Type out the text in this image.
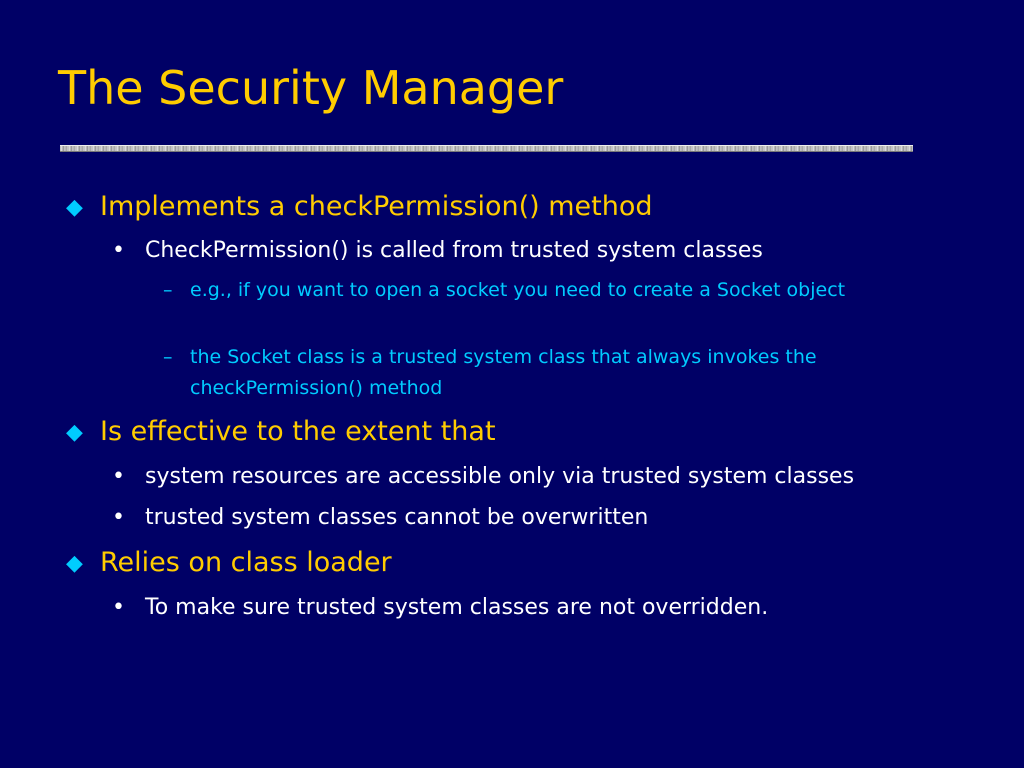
The Security Manager
◆ Implements a checkPermission() method
• CheckPermission() is called from trusted system classes
– e.g., if you want to open a socket you need to create a Socket object
– the Socket class is a trusted system class that always invokes the checkPermission() method
◆ Is effective to the extent that
• system resources are accessible only via trusted system classes
• trusted system classes cannot be overwritten
◆ Relies on class loader
• To make sure trusted system classes are not overridden.
